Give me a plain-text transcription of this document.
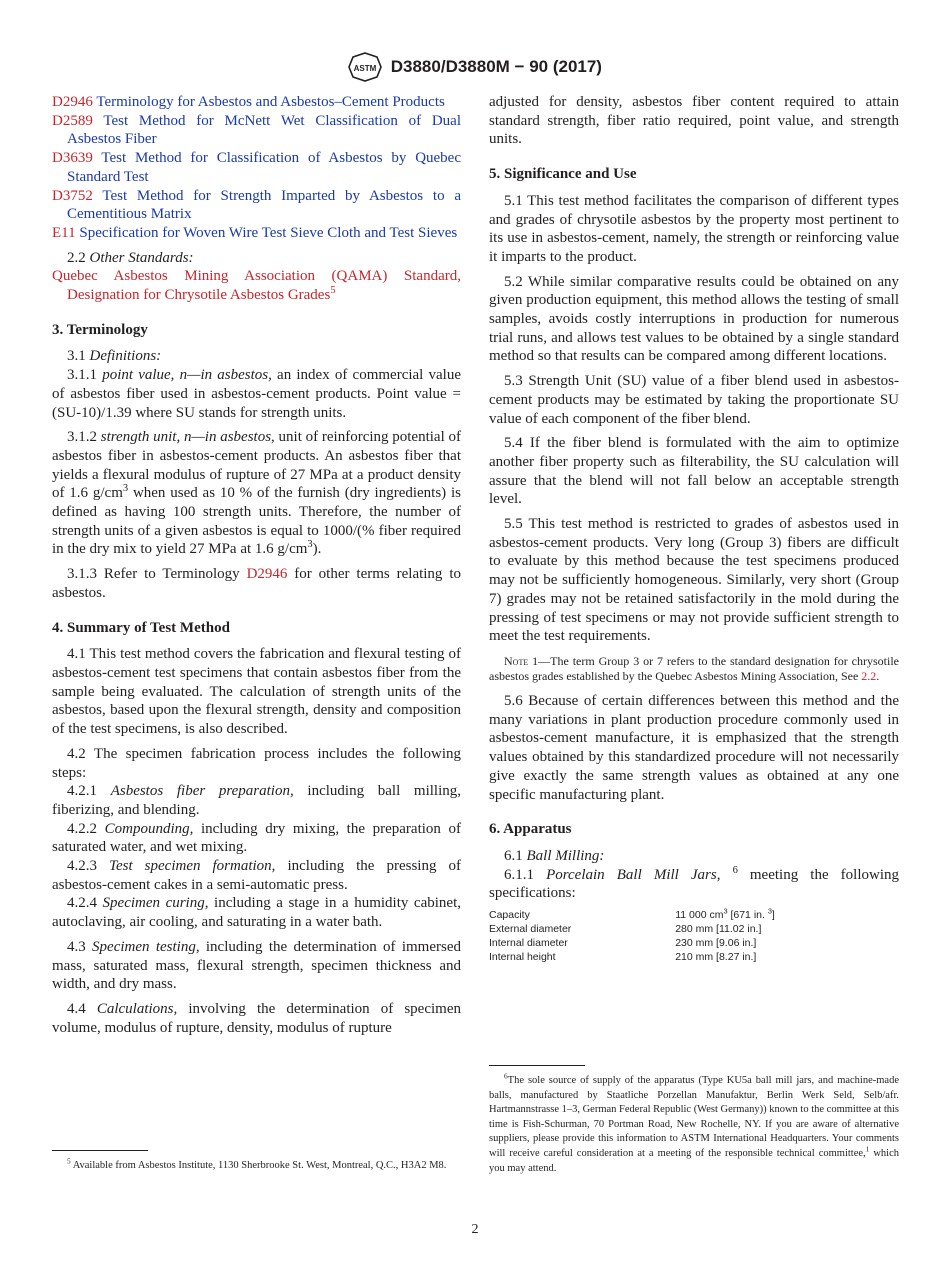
ASTM D3880/D3880M − 90 (2017)

D2946 Terminology for Asbestos and Asbestos–Cement Products

D2589 Test Method for McNett Wet Classification of Dual Asbestos Fiber

D3639 Test Method for Classification of Asbestos by Quebec Standard Test

D3752 Test Method for Strength Imparted by Asbestos to a Cementitious Matrix

E11 Specification for Woven Wire Test Sieve Cloth and Test Sieves

2.2 Other Standards:

Quebec Asbestos Mining Association (QAMA) Standard, Designation for Chrysotile Asbestos Grades$^5$

3. Terminology

3.1 Definitions:

3.1.1 point value, n—in asbestos, an index of commercial value of asbestos fiber used in asbestos-cement products. Point value = (SU-10)/1.39 where SU stands for strength units.

3.1.2 strength unit, n—in asbestos, unit of reinforcing potential of asbestos fiber in asbestos-cement products. An asbestos fiber that yields a flexural modulus of rupture of 27 MPa at a product density of 1.6 $g/cm^3$ when used as 10 % of the furnish (dry ingredients) is defined as having 100 strength units. Therefore, the number of strength units of a given asbestos is equal to 1000/(% fiber required in the dry mix to yield 27 MPa at 1.6 $g/cm^3$).

3.1.3 Refer to Terminology D2946 for other terms relating to asbestos.

4. Summary of Test Method

4.1 This test method covers the fabrication and flexural testing of asbestos-cement test specimens that contain asbestos fiber from the sample being evaluated. The calculation of strength units of the asbestos, based upon the flexural strength, density and composition of the test specimens, is also described.

4.2 The specimen fabrication process includes the following steps:

4.2.1 Asbestos fiber preparation, including ball milling, fiberizing, and blending.

4.2.2 Compounding, including dry mixing, the preparation of saturated water, and wet mixing.

4.2.3 Test specimen formation, including the pressing of asbestos-cement cakes in a semi-automatic press.

4.2.4 Specimen curing, including a stage in a humidity cabinet, autoclaving, air cooling, and saturating in a water bath.

4.3 Specimen testing, including the determination of immersed mass, saturated mass, flexural strength, specimen thickness and width, and dry mass.

4.4 Calculations, involving the determination of specimen volume, modulus of rupture, density, modulus of rupture

$^5$ Available from Asbestos Institute, 1130 Sherbrooke St. West, Montreal, Q.C., H3A2 M8.

adjusted for density, asbestos fiber content required to attain standard strength, fiber ratio required, point value, and strength units.

5. Significance and Use

5.1 This test method facilitates the comparison of different types and grades of chrysotile asbestos by the property most pertinent to its use in asbestos-cement, namely, the strength or reinforcing value it imparts to the product.

5.2 While similar comparative results could be obtained on any given production equipment, this method allows the testing of small samples, avoids costly interruptions in production for numerous trial runs, and allows test values to be obtained by a single standard method so that results can be compared among different locations.

5.3 Strength Unit (SU) value of a fiber blend used in asbestos-cement products may be estimated by taking the proportionate SU value of each component of the fiber blend.

5.4 If the fiber blend is formulated with the aim to optimize another fiber property such as filterability, the SU calculation will assure that the blend will not fall below an acceptable strength level.

5.5 This test method is restricted to grades of asbestos used in asbestos-cement products. Very long (Group 3) fibers are difficult to evaluate by this method because the test specimens produced may not be sufficiently homogeneous. Similarly, very short (Group 7) grades may not be retained satisfactorily in the mold during the pressing of test specimens or may not provide sufficient strength to meet the test requirements.

Note 1—The term Group 3 or 7 refers to the standard designation for chrysotile asbestos grades established by the Quebec Asbestos Mining Association, See 2.2.

5.6 Because of certain differences between this method and the many variations in plant production procedure commonly used in asbestos-cement manufacture, it is emphasized that the strength values obtained by this standardized procedure will not necessarily give exactly the same strength values as obtained at any one specific manufacturing plant.

6. Apparatus

6.1 Ball Milling:

6.1.1 Porcelain Ball Mill Jars, $^6$ meeting the following specifications:

Capacity	11 000 $cm^3$ [671 in. $^3$]
External diameter	280 mm [11.02 in.]
Internal diameter	230 mm [9.06 in.]
Internal height	210 mm [8.27 in.]

$^6$The sole source of supply of the apparatus (Type KU5a ball mill jars, and machine-made balls, manufactured by Staatliche Porzellan Manufaktur, Berlin Werk Seld, Selb/afr. Hartmannstrasse 1–3, German Federal Republic (West Germany)) known to the committee at this time is Fish-Schurman, 70 Portman Road, New Rochelle, NY. If you are aware of alternative suppliers, please provide this information to ASTM International Headquarters. Your comments will receive careful consideration at a meeting of the responsible technical committee,$^1$ which you may attend.

2
